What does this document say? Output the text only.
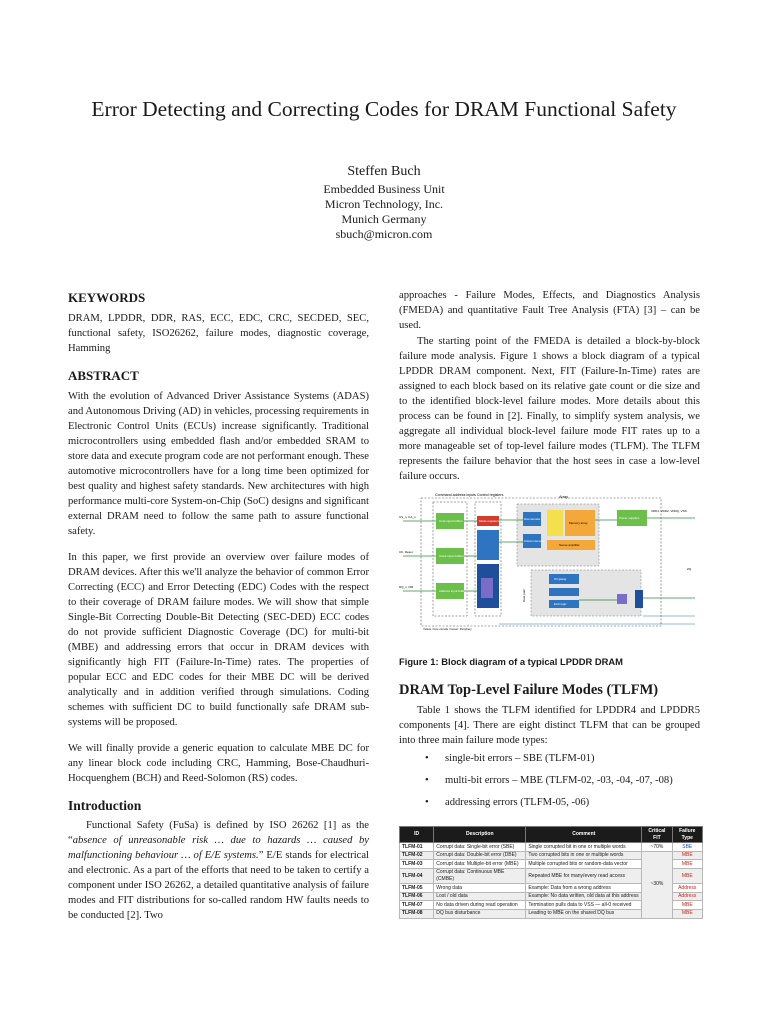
Error Detecting and Correcting Codes for DRAM Functional Safety
Steffen Buch
Embedded Business Unit
Micron Technology, Inc.
Munich Germany
sbuch@micron.com

KEYWORDS

DRAM, LPDDR, DDR, RAS, ECC, EDC, CRC, SECDED, SEC, functional safety, ISO26262, failure modes, diagnostic coverage, Hamming

ABSTRACT

With the evolution of Advanced Driver Assistance Systems (ADAS) and Autonomous Driving (AD) in vehicles, processing requirements in Electronic Control Units (ECUs) increase significantly. Traditional microcontrollers using embedded flash and/or embedded SRAM to store data and execute program code are not performant enough. These automotive microcontrollers have for a long time been optimized for best quality and highest safety standards. New architectures with high performance multi-core System-on-Chip (SoC) designs and significant external DRAM need to follow the same path to assure functional safety.

In this paper, we first provide an overview over failure modes of DRAM devices. After this we'll analyze the behavior of common Error Correcting (ECC) and Error Detecting (EDC) Codes with the respect to their coverage of DRAM failure modes. We will show that simple Single-Bit Correcting Double-Bit Detecting (SEC-DED) ECC codes do not provide sufficient Diagnostic Coverage (DC) for multi-bit (MBE) and addressing errors that occur in DRAM devices with significantly high FIT (Failure-In-Time) rates. The properties of popular ECC and EDC codes for their MBE DC will be derived analytically and in addition verified through simulations. Coding schemes with sufficient DC to build functionally safe DRAM sub-systems will be proposed.

We will finally provide a generic equation to calculate MBE DC for any linear block code including CRC, Hamming, Bose-Chaudhuri-Hocquenghem (BCH) and Reed-Solomon (RS) codes.

Introduction

Functional Safety (FuSa) is defined by ISO 26262 [1] as the “absence of unreasonable risk … due to hazards … caused by malfunctioning behaviour … of E/E systems.” E/E stands for electrical and electronic. As a part of the efforts that need to be taken to certify a component under ISO 26262, a detailed quantitative analysis of failure modes and FIT distributions for so-called random HW faults needs to be conducted [2]. Two

approaches - Failure Modes, Effects, and Diagnostics Analysis (FMEDA) and quantitative Fault Tree Analysis (FTA) [3] – can be used.

The starting point of the FMEDA is detailed a block-by-block failure mode analysis. Figure 1 shows a block diagram of a typical LPDDR DRAM component. Next, FIT (Failure-In-Time) rates are assigned to each block based on its relative gate count or die size and to the identified block-level failure modes. More details about this process can be found in [2]. Finally, to simplify system analysis, we aggregate all individual block-level failure mode FIT rates up to a more manageable set of top-level failure modes (TLFM). The TLFM represents the failure behavior that the host sees in case a low-level failure occurs.

Command address inputs Control registers	Array
Cmd input buffers
Clock input buffers
Address input buffers
Mode registers	Row decoder
Column decoder
Memory array
Sense amplifier
Power supplies
Data path
I/O gating
ECC logic
CS_n, CA_n
CK, Reset
DQ_n, DM
VDD1, VDD2, VDDQ, VSS
ZQ
Yellow: Core circuits / Green: Periphery
Figure 1: Block diagram of a typical LPDDR DRAM

DRAM Top-Level Failure Modes (TLFM)

Table 1 shows the TLFM identified for LPDDR4 and LPDDR5 components [4]. There are eight distinct TLFM that can be grouped into three main failure mode types:

• single-bit errors – SBE (TLFM-01)
• multi-bit errors – MBE (TLFM-02, -03, -04, -07, -08)
• addressing errors (TLFM-05, -06)
ID	Description	Comment	Critical FIT	Failure Type
TLFM-01	Corrupt data: Single-bit error (SBE)	Single corrupted bit in one or multiple words	~70%	SBE
TLFM-02	Corrupt data: Double-bit error (DBE)	Two corrupted bits in one or multiple words	~30%	MBE
TLFM-03	Corrupt data: Multiple-bit error (MBE)	Multiple corrupted bits or random-data vector		MBE
TLFM-04	Corrupt data: Continuous MBE (CMBE)	Repeated MBE for many/every read access		MBE
TLFM-05	Wrong data	Example: Data from a wrong address		Address
TLFM-06	Lost / old data	Example: No data written, old data at this address		Address
TLFM-07	No data driven during read operation	Termination pulls data to VSS — all-0 received		MBE
TLFM-08	DQ bus disturbance	Leading to MBE on the shared DQ bus		MBE
